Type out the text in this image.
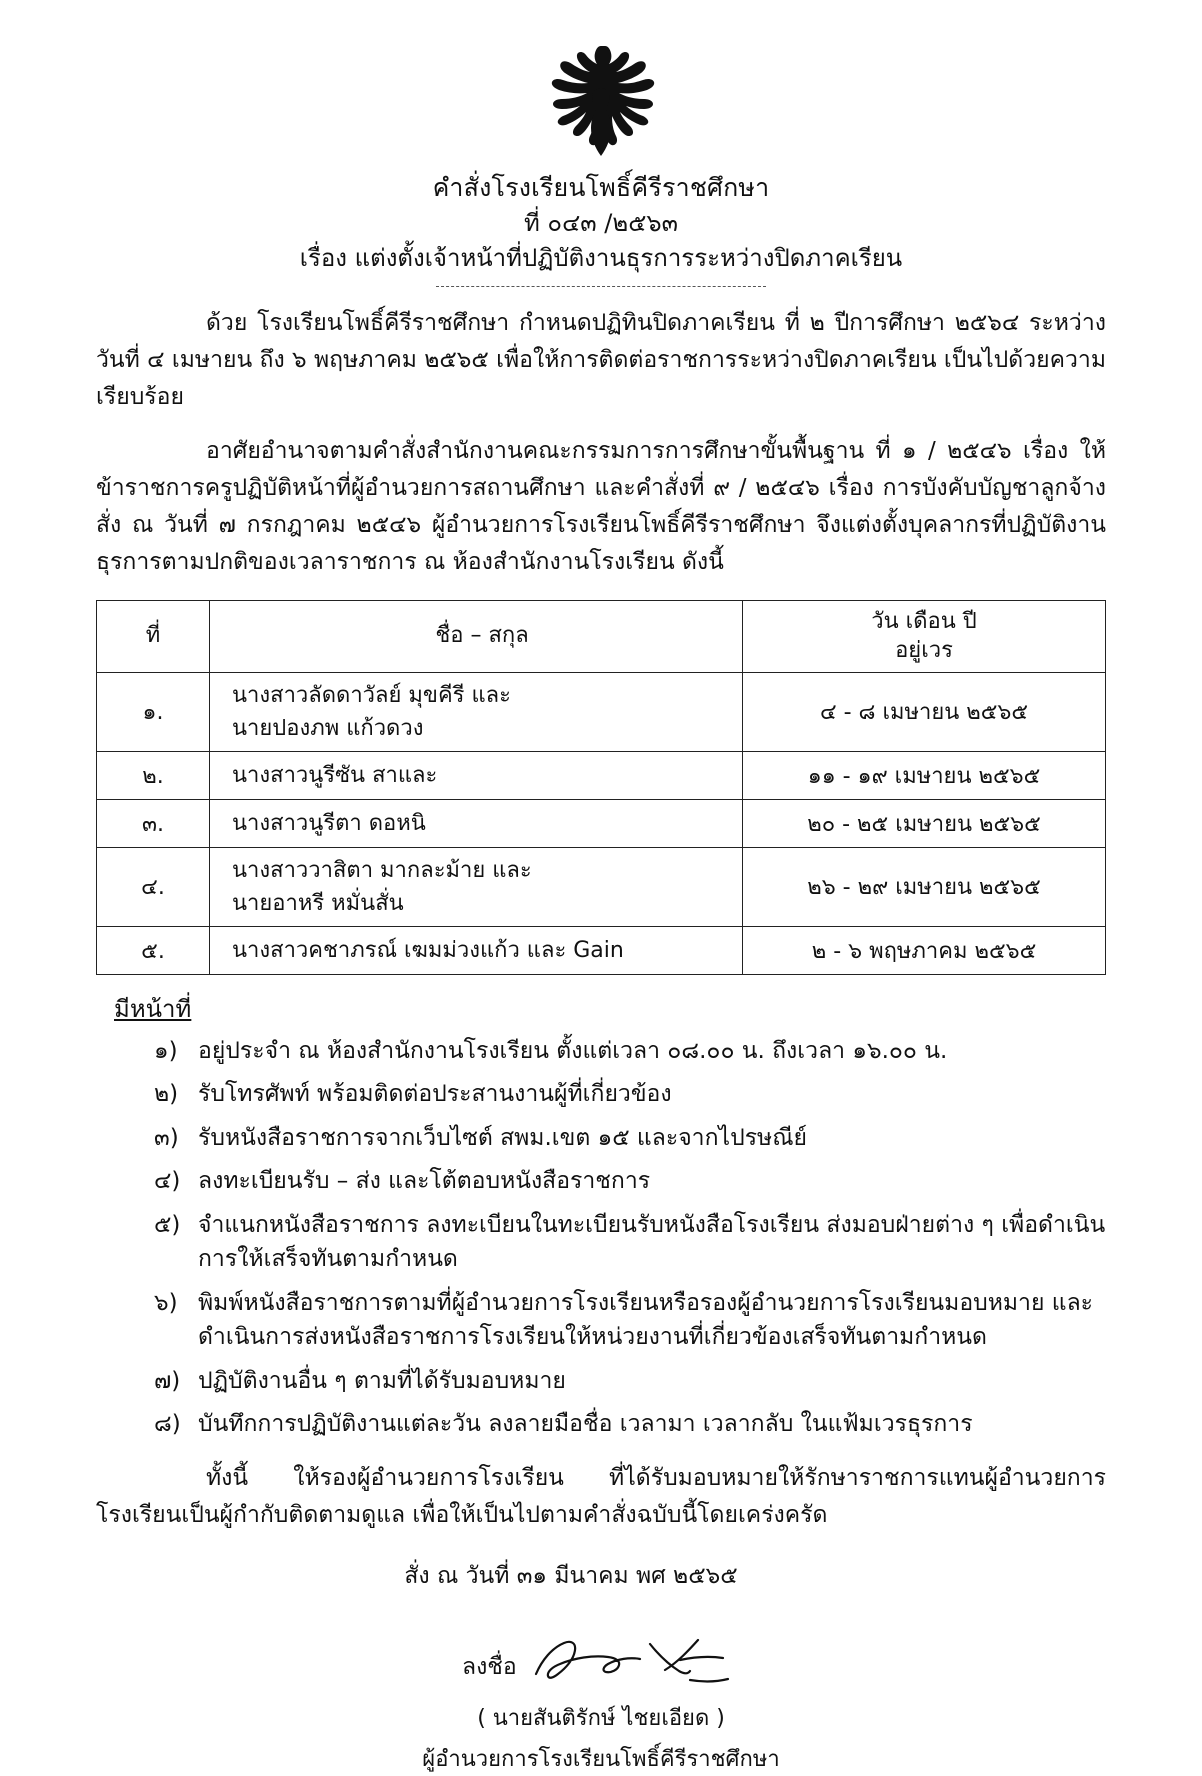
คำสั่งโรงเรียนโพธิ์คีรีราชศึกษา
ที่ ๐๔๓ /๒๕๖๓
เรื่อง แต่งตั้งเจ้าหน้าที่ปฏิบัติงานธุรการระหว่างปิดภาคเรียน

ด้วย โรงเรียนโพธิ์คีรีราชศึกษา กำหนดปฏิทินปิดภาคเรียน ที่ ๒ ปีการศึกษา ๒๕๖๔ ระหว่างวันที่ ๔ เมษายน ถึง ๖ พฤษภาคม ๒๕๖๕ เพื่อให้การติดต่อราชการระหว่างปิดภาคเรียน เป็นไปด้วยความเรียบร้อย

อาศัยอำนาจตามคำสั่งสำนักงานคณะกรรมการการศึกษาขั้นพื้นฐาน ที่ ๑ / ๒๕๔๖ เรื่อง ให้ข้าราชการครูปฏิบัติหน้าที่ผู้อำนวยการสถานศึกษา และคำสั่งที่ ๙ / ๒๕๔๖ เรื่อง การบังคับบัญชาลูกจ้าง สั่ง ณ วันที่ ๗ กรกฎาคม ๒๕๔๖ ผู้อำนวยการโรงเรียนโพธิ์คีรีราชศึกษา จึงแต่งตั้งบุคลากรที่ปฏิบัติงานธุรการตามปกติของเวลาราชการ ณ ห้องสำนักงานโรงเรียน ดังนี้

ที่	ชื่อ – สกุล	วัน เดือน ปี
อยู่เวร

๑.	นางสาวลัดดาวัลย์ มุขคีรี และ
นายปองภพ แก้วดวง	๔ - ๘ เมษายน ๒๕๖๕
๒.	นางสาวนูรีซัน สาและ	๑๑ - ๑๙ เมษายน ๒๕๖๕
๓.	นางสาวนูรีตา ดอหนิ	๒๐ - ๒๕ เมษายน ๒๕๖๕
๔.	นางสาววาสิตา มากละม้าย และ
นายอาหรี หมั่นสั่น	๒๖ - ๒๙ เมษายน ๒๕๖๕
๕.	นางสาวคชาภรณ์ เฆมม่วงแก้ว และ Gain	๒ - ๖ พฤษภาคม ๒๕๖๕
มีหน้าที่
๑) อยู่ประจำ ณ ห้องสำนักงานโรงเรียน ตั้งแต่เวลา ๐๘.๐๐ น. ถึงเวลา ๑๖.๐๐ น.
๒) รับโทรศัพท์ พร้อมติดต่อประสานงานผู้ที่เกี่ยวข้อง
๓) รับหนังสือราชการจากเว็บไซต์ สพม.เขต ๑๕ และจากไปรษณีย์
๔) ลงทะเบียนรับ – ส่ง และโต้ตอบหนังสือราชการ
๕) จำแนกหนังสือราชการ ลงทะเบียนในทะเบียนรับหนังสือโรงเรียน ส่งมอบฝ่ายต่าง ๆ เพื่อดำเนินการให้เสร็จทันตามกำหนด
๖) พิมพ์หนังสือราชการตามที่ผู้อำนวยการโรงเรียนหรือรองผู้อำนวยการโรงเรียนมอบหมาย และดำเนินการส่งหนังสือราชการโรงเรียนให้หน่วยงานที่เกี่ยวข้องเสร็จทันตามกำหนด
๗) ปฏิบัติงานอื่น ๆ ตามที่ได้รับมอบหมาย
๘) บันทึกการปฏิบัติงานแต่ละวัน ลงลายมือชื่อ เวลามา เวลากลับ ในแฟ้มเวรธุรการ

ทั้งนี้ ให้รองผู้อำนวยการโรงเรียน ที่ได้รับมอบหมายให้รักษาราชการแทนผู้อำนวยการโรงเรียนเป็นผู้กำกับติดตามดูแล เพื่อให้เป็นไปตามคำสั่งฉบับนี้โดยเคร่งครัด

สั่ง ณ วันที่ ๓๑ มีนาคม พศ ๒๕๖๕
ลงชื่อ
( นายสันติรักษ์ ไชยเอียด )
ผู้อำนวยการโรงเรียนโพธิ์คีรีราชศึกษา
